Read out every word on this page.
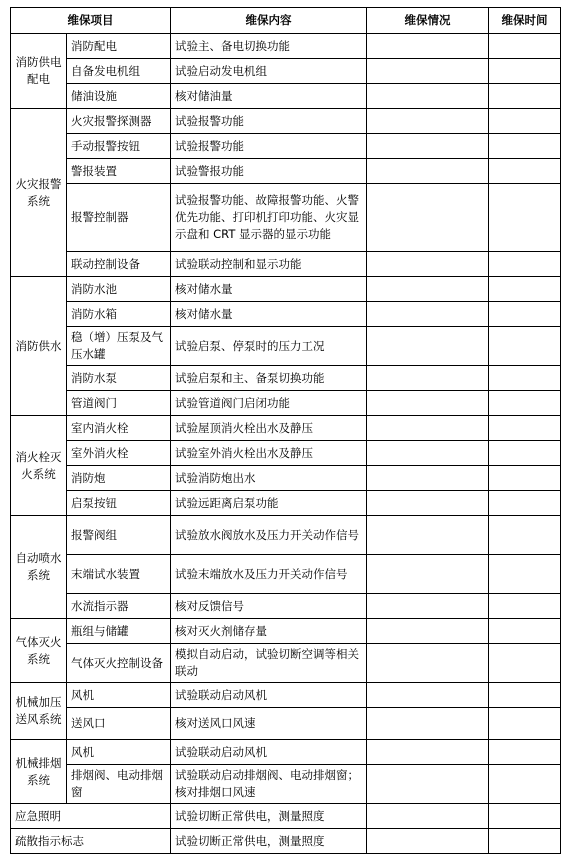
维保项目		维保内容	维保情况	维保时间
消防供电配电	消防配电	试验主、备电切换功能		
	自备发电机组	试验启动发电机组		
	储油设施	核对储油量		
火灾报警系统	火灾报警探测器	试验报警功能		
	手动报警按钮	试验报警功能		
	警报装置	试验警报功能		
	报警控制器	试验报警功能、故障报警功能、火警优先功能、打印机打印功能、火灾显示盘和 CRT 显示器的显示功能		
	联动控制设备	试验联动控制和显示功能		
消防供水	消防水池	核对储水量		
	消防水箱	核对储水量		
	稳（增）压泵及气压水罐	试验启泵、停泵时的压力工况		
	消防水泵	试验启泵和主、备泵切换功能		
	管道阀门	试验管道阀门启闭功能		
消火栓灭火系统	室内消火栓	试验屋顶消火栓出水及静压		
	室外消火栓	试验室外消火栓出水及静压		
	消防炮	试验消防炮出水		
	启泵按钮	试验远距离启泵功能		
自动喷水系统	报警阀组	试验放水阀放水及压力开关动作信号		
	末端试水装置	试验末端放水及压力开关动作信号		
	水流指示器	核对反馈信号		
气体灭火系统	瓶组与储罐	核对灭火剂储存量		
	气体灭火控制设备	模拟自动启动，试验切断空调等相关联动		
机械加压送风系统	风机	试验联动启动风机		
	送风口	核对送风口风速		
机械排烟系统	风机	试验联动启动风机		
	排烟阀、电动排烟窗	试验联动启动排烟阀、电动排烟窗；核对排烟口风速		
应急照明		试验切断正常供电，测量照度		
疏散指示标志		试验切断正常供电，测量照度		
